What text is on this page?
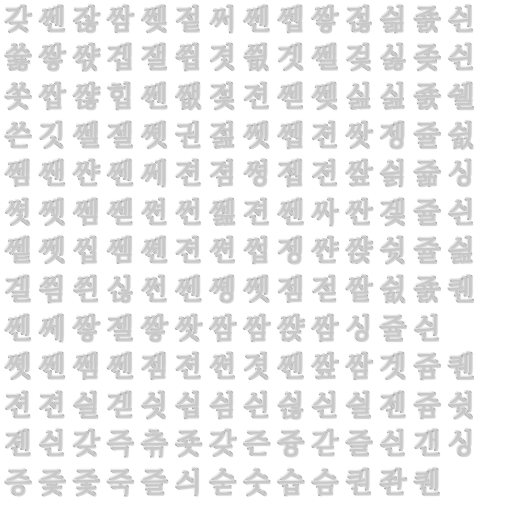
갖 쎈 잖 쌈 쎚 젙 써 쎈 쎕 쌓 젆 싊 죬 싄
쓣 쌓 쌳 겝 잴 씝 겻 씞 겟 쎌 겇 싫 좆 싄
쏫 쌉 쌶 힙 쎈 쌦 젗 젼 쎋 쎚 싪 싪 죬 쉘
쓴 깃 쎌 젤 쏏 권 젎 쎗 쎕 젼 쌋 젱 쥴 쉾
쎔 쌘 쌴 쎈 쎄 젼 졈 쎵 젭 젼 쌒 싉 쥶 싱
쎳 쎗 쎔 쎋 쎤 썬 쎒 젼 쎈 싸 싼 겣 쥴 싄
쎝 쎗 씹 쎔 쏀 젼 쎤 썹 젱 쌴 쌵 쉿 쥴 싎
겔 씜 씐 싢 썬 쎈 쏑 쎗 젬 젇 쌑 쉾 죬 퀜
쎈 쎄 쌓 젤 쌓 쌋 쌈 쌈 쌵 쌈 싱 쥴 싄
쏏 쎈 쎔 쎈 젬 젼 쎤 겻 쎈 쌒 쌈 겟 쥼 퀜
젼 젼 싈 겓 싓 싑 싐 싄 싆 싄 싈 젠 쥼 쉿
졘 싄 갖 즉 츢 죳 갖 즌 즁 갇 즐 싄 갠 싱
증 즟 줓 죽 즐 싀 숟 숫 습 슴 퀀 좐 퀜
